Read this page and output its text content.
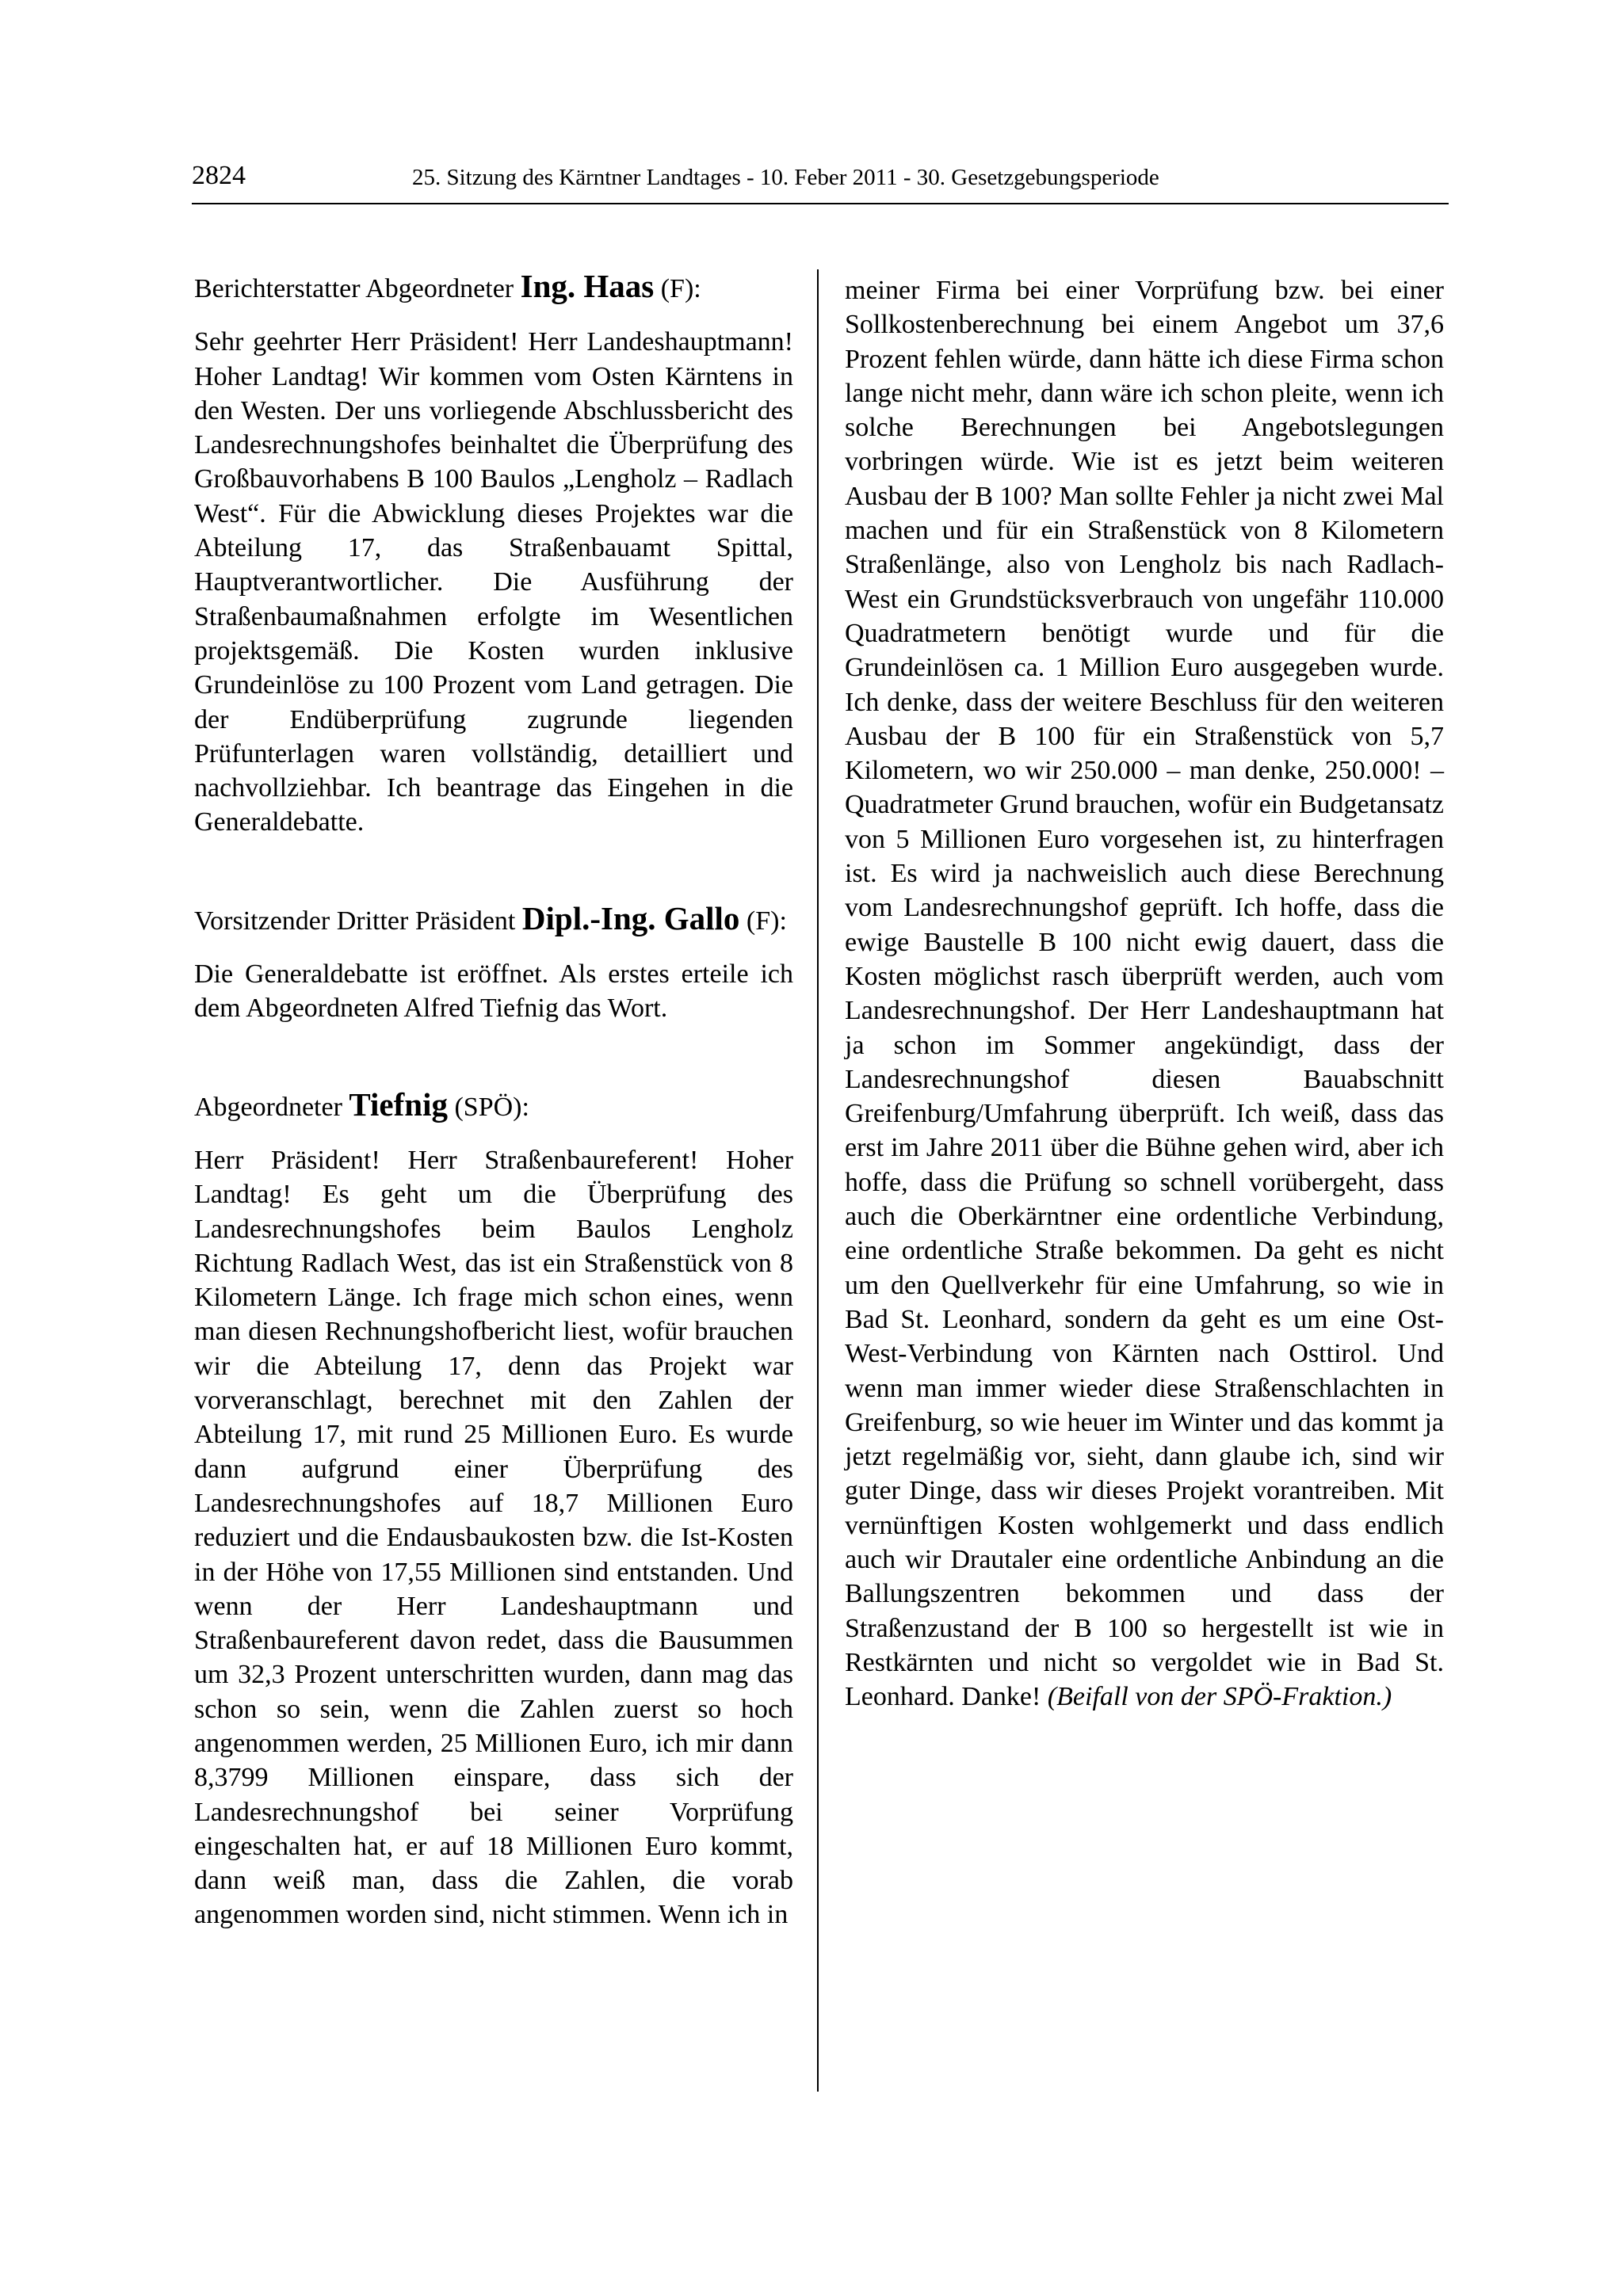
2824	25. Sitzung des Kärntner Landtages - 10. Feber 2011 - 30. Gesetzgebungsperiode

Berichterstatter Abgeordneter Ing. Haas (F):

Sehr geehrter Herr Präsident! Herr Landeshauptmann! Hoher Landtag! Wir kommen vom Osten Kärntens in den Westen. Der uns vorliegende Abschlussbericht des Landesrechnungshofes beinhaltet die Überprüfung des Großbauvorhabens B 100 Baulos „Lengholz – Radlach West“. Für die Abwicklung dieses Projektes war die Abteilung 17, das Straßenbauamt Spittal, Hauptverantwortlicher. Die Ausführung der Straßenbaumaßnahmen erfolgte im Wesentlichen projektsgemäß. Die Kosten wurden inklusive Grundeinlöse zu 100 Prozent vom Land getragen. Die der Endüberprüfung zugrunde liegenden Prüfunterlagen waren vollständig, detailliert und nachvollziehbar. Ich beantrage das Eingehen in die Generaldebatte.

Vorsitzender Dritter Präsident Dipl.-Ing. Gallo (F):

Die Generaldebatte ist eröffnet. Als erstes erteile ich dem Abgeordneten Alfred Tiefnig das Wort.

Abgeordneter Tiefnig (SPÖ):

Herr Präsident! Herr Straßenbaureferent! Hoher Landtag! Es geht um die Überprüfung des Landesrechnungshofes beim Baulos Lengholz Richtung Radlach West, das ist ein Straßenstück von 8 Kilometern Länge. Ich frage mich schon eines, wenn man diesen Rechnungshofbericht liest, wofür brauchen wir die Abteilung 17, denn das Projekt war vorveranschlagt, berechnet mit den Zahlen der Abteilung 17, mit rund 25 Millionen Euro. Es wurde dann aufgrund einer Überprüfung des Landesrechnungshofes auf 18,7 Millionen Euro reduziert und die Endausbaukosten bzw. die Ist-Kosten in der Höhe von 17,55 Millionen sind entstanden. Und wenn der Herr Landeshauptmann und Straßenbaureferent davon redet, dass die Bausummen um 32,3 Prozent unterschritten wurden, dann mag das schon so sein, wenn die Zahlen zuerst so hoch angenommen werden, 25 Millionen Euro, ich mir dann 8,3799 Millionen einspare, dass sich der Landesrechnungshof bei seiner Vorprüfung eingeschalten hat, er auf 18 Millionen Euro kommt, dann weiß man, dass die Zahlen, die vorab angenommen worden sind, nicht stimmen. Wenn ich in

meiner Firma bei einer Vorprüfung bzw. bei einer Sollkostenberechnung bei einem Angebot um 37,6 Prozent fehlen würde, dann hätte ich diese Firma schon lange nicht mehr, dann wäre ich schon pleite, wenn ich solche Berechnungen bei Angebotslegungen vorbringen würde. Wie ist es jetzt beim weiteren Ausbau der B 100? Man sollte Fehler ja nicht zwei Mal machen und für ein Straßenstück von 8 Kilometern Straßenlänge, also von Lengholz bis nach Radlach-West ein Grundstücksverbrauch von ungefähr 110.000 Quadratmetern benötigt wurde und für die Grundeinlösen ca. 1 Million Euro ausgegeben wurde. Ich denke, dass der weitere Beschluss für den weiteren Ausbau der B 100 für ein Straßenstück von 5,7 Kilometern, wo wir 250.000 – man denke, 250.000! – Quadratmeter Grund brauchen, wofür ein Budgetansatz von 5 Millionen Euro vorgesehen ist, zu hinterfragen ist. Es wird ja nachweislich auch diese Berechnung vom Landesrechnungshof geprüft. Ich hoffe, dass die ewige Baustelle B 100 nicht ewig dauert, dass die Kosten möglichst rasch überprüft werden, auch vom Landesrechnungshof. Der Herr Landeshauptmann hat ja schon im Sommer angekündigt, dass der Landesrechnungshof diesen Bauabschnitt Greifenburg/Umfahrung überprüft. Ich weiß, dass das erst im Jahre 2011 über die Bühne gehen wird, aber ich hoffe, dass die Prüfung so schnell vorübergeht, dass auch die Oberkärntner eine ordentliche Verbindung, eine ordentliche Straße bekommen. Da geht es nicht um den Quellverkehr für eine Umfahrung, so wie in Bad St. Leonhard, sondern da geht es um eine Ost-West-Verbindung von Kärnten nach Osttirol. Und wenn man immer wieder diese Straßenschlachten in Greifenburg, so wie heuer im Winter und das kommt ja jetzt regelmäßig vor, sieht, dann glaube ich, sind wir guter Dinge, dass wir dieses Projekt vorantreiben. Mit vernünftigen Kosten wohlgemerkt und dass endlich auch wir Drautaler eine ordentliche Anbindung an die Ballungszentren bekommen und dass der Straßenzustand der B 100 so hergestellt ist wie in Restkärnten und nicht so vergoldet wie in Bad St. Leonhard. Danke! (Beifall von der SPÖ-Fraktion.)
